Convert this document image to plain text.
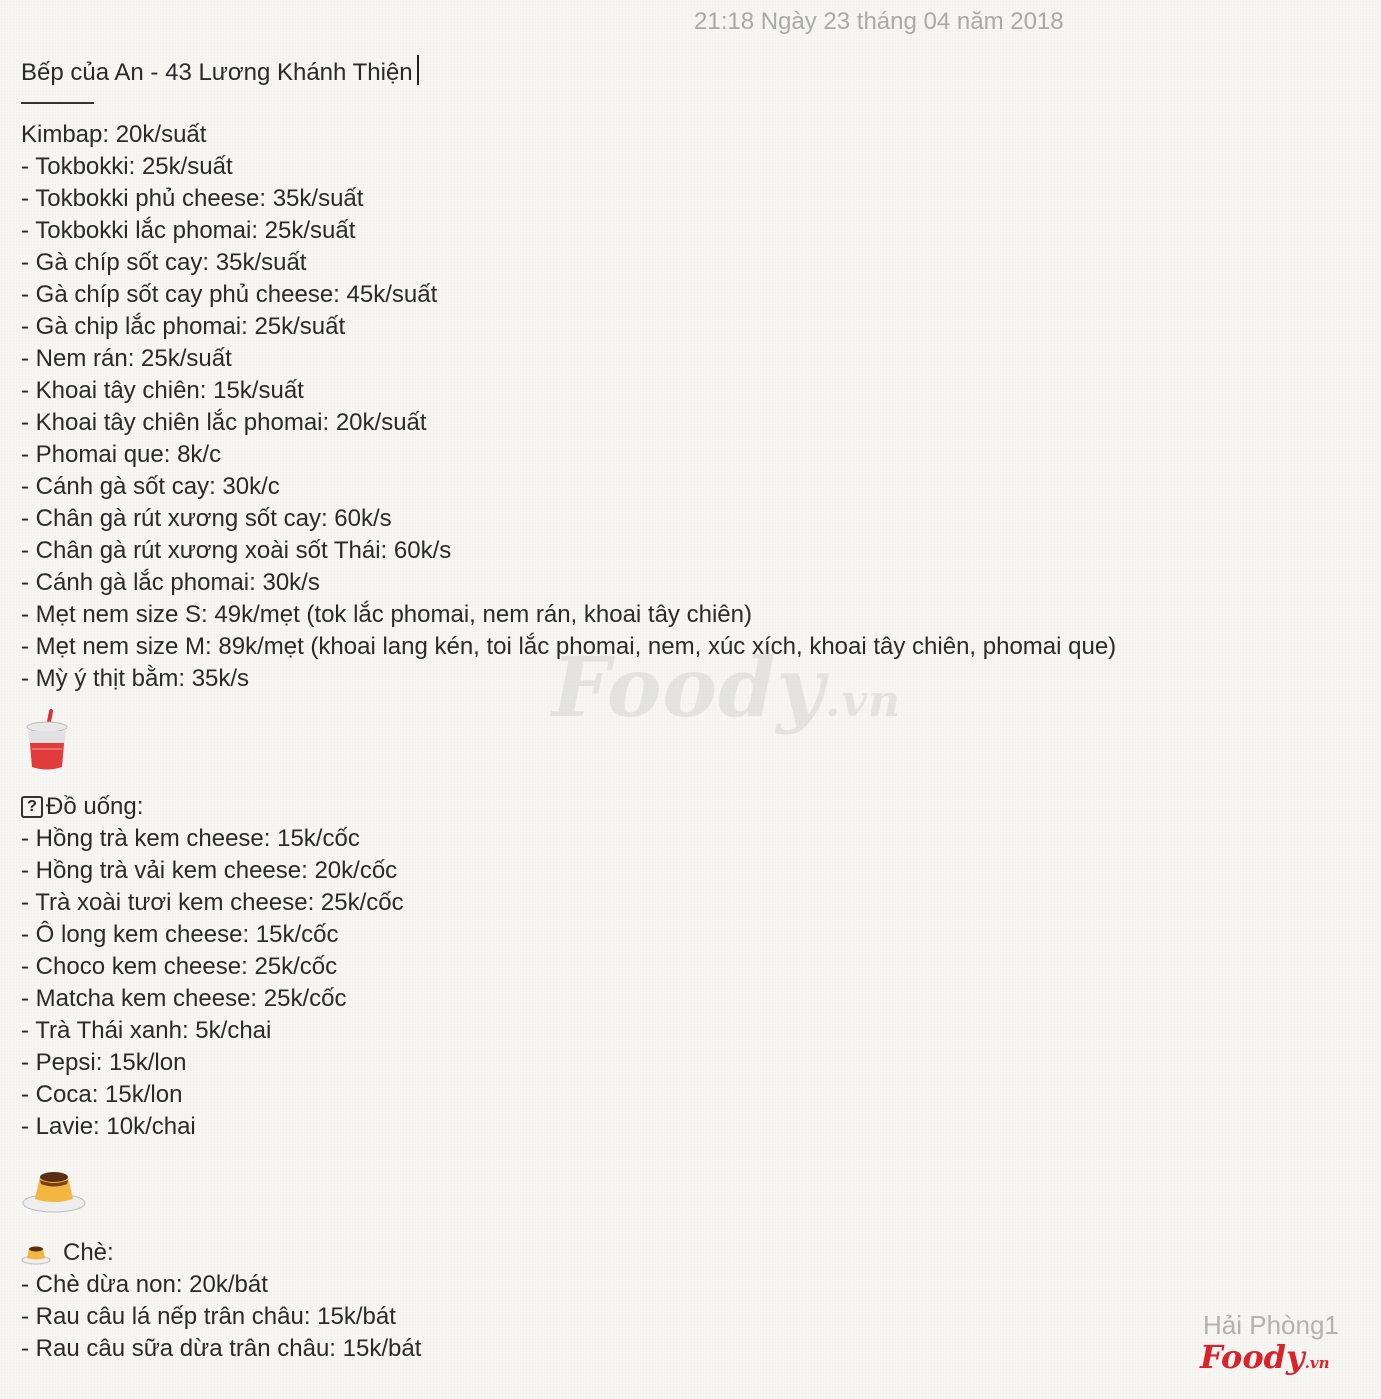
21:18 Ngày 23 tháng 04 năm 2018
Bếp của An - 43 Lương Khánh Thiện
Kimbap: 20k/suất
- Tokbokki: 25k/suất
- Tokbokki phủ cheese: 35k/suất
- Tokbokki lắc phomai: 25k/suất
- Gà chíp sốt cay: 35k/suất
- Gà chíp sốt cay phủ cheese: 45k/suất
- Gà chip lắc phomai: 25k/suất
- Nem rán: 25k/suất
- Khoai tây chiên: 15k/suất
- Khoai tây chiên lắc phomai: 20k/suất
- Phomai que: 8k/c
- Cánh gà sốt cay: 30k/c
- Chân gà rút xương sốt cay: 60k/s
- Chân gà rút xương xoài sốt Thái: 60k/s
- Cánh gà lắc phomai: 30k/s
- Mẹt nem size S: 49k/mẹt (tok lắc phomai, nem rán, khoai tây chiên)
- Mẹt nem size M: 89k/mẹt (khoai lang kén, toi lắc phomai, nem, xúc xích, khoai tây chiên, phomai que)
- Mỳ ý thịt bằm: 35k/s
? Đồ uống:
- Hồng trà kem cheese: 15k/cốc
- Hồng trà vải kem cheese: 20k/cốc
- Trà xoài tươi kem cheese: 25k/cốc
- Ô long kem cheese: 15k/cốc
- Choco kem cheese: 25k/cốc
- Matcha kem cheese: 25k/cốc
- Trà Thái xanh: 5k/chai
- Pepsi: 15k/lon
- Coca: 15k/lon
- Lavie: 10k/chai
Chè:
- Chè dừa non: 20k/bát
- Rau câu lá nếp trân châu: 15k/bát
- Rau câu sữa dừa trân châu: 15k/bát
Foody.vn
Hải Phòng1
Foody.vn
